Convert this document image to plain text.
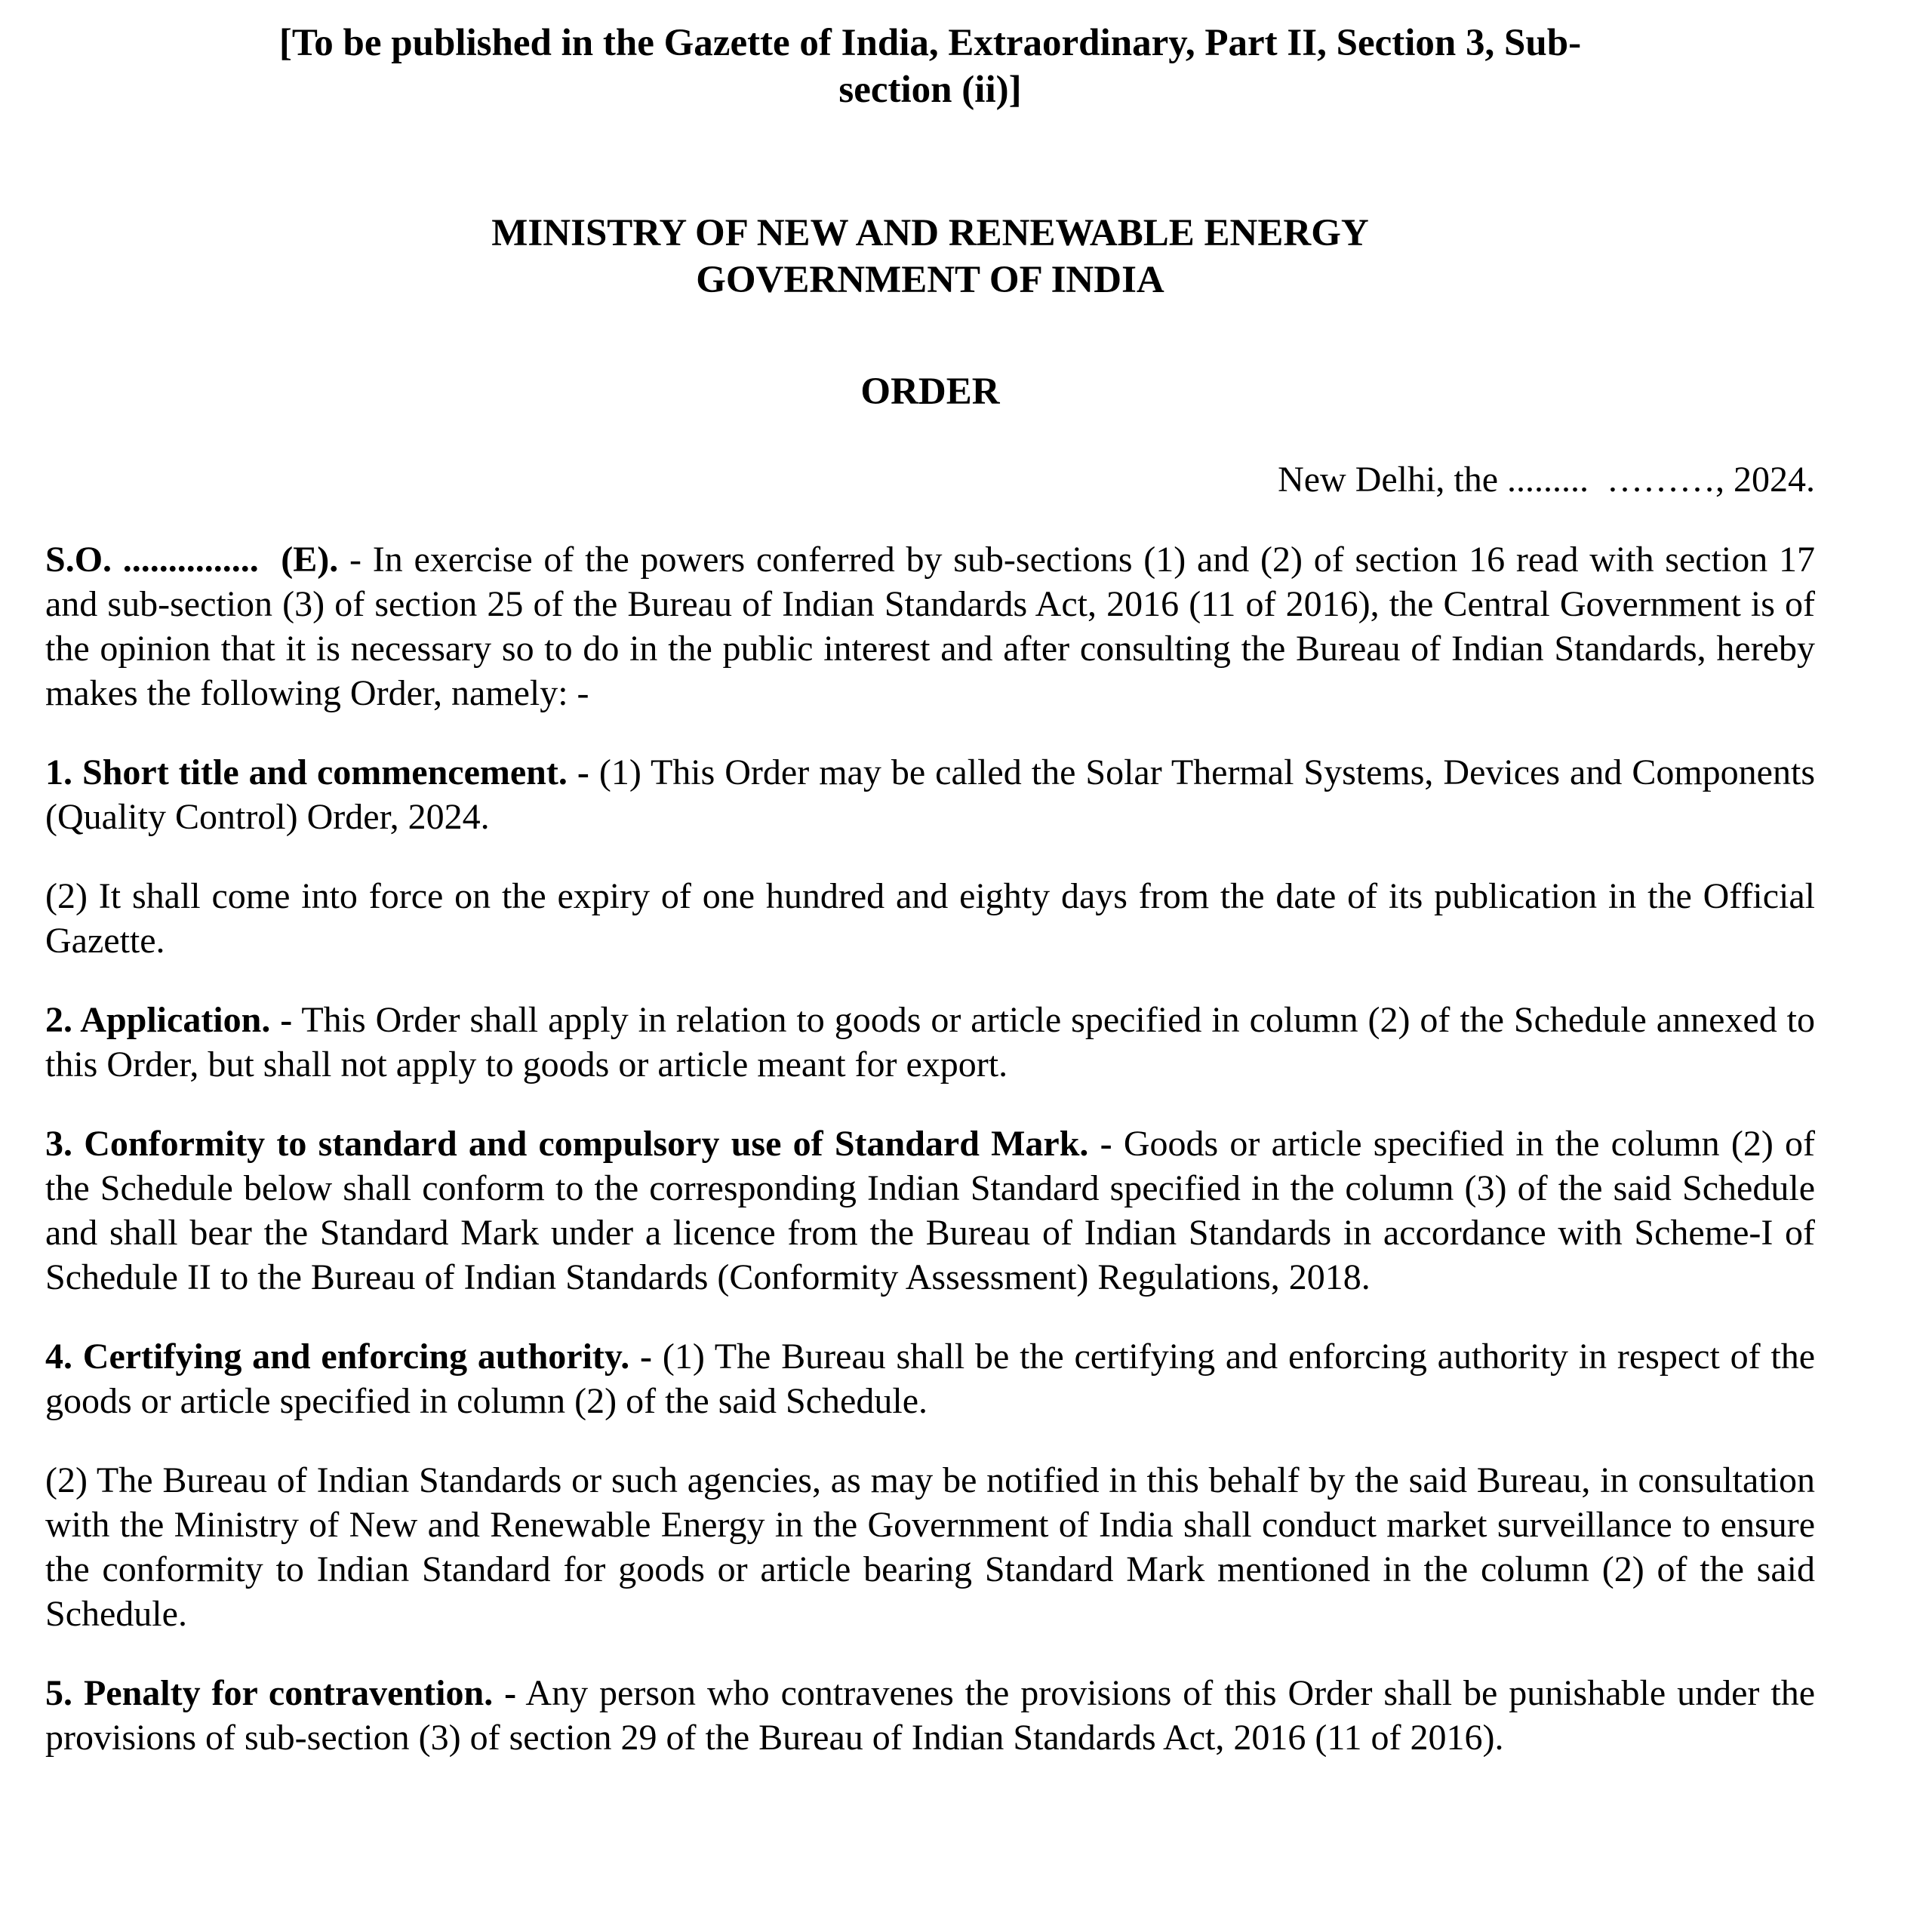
[To be published in the Gazette of India, Extraordinary, Part II, Section 3, Sub-

section (ii)]

MINISTRY OF NEW AND RENEWABLE ENERGY

GOVERNMENT OF INDIA

ORDER
New Delhi, the .........  ………, 2024.

S.O. ...............  (E). - In exercise of the powers conferred by sub-sections (1) and (2) of section 16 read with section 17 and sub-section (3) of section 25 of the Bureau of Indian Standards Act, 2016 (11 of 2016), the Central Government is of the opinion that it is necessary so to do in the public interest and after consulting the Bureau of Indian Standards, hereby makes the following Order, namely: -

1. Short title and commencement. - (1) This Order may be called the Solar Thermal Systems, Devices and Components (Quality Control) Order, 2024.

(2) It shall come into force on the expiry of one hundred and eighty days from the date of its publication in the Official Gazette.

2. Application. - This Order shall apply in relation to goods or article specified in column (2) of the Schedule annexed to this Order, but shall not apply to goods or article meant for export.

3. Conformity to standard and compulsory use of Standard Mark. - Goods or article specified in the column (2) of the Schedule below shall conform to the corresponding Indian Standard specified in the column (3) of the said Schedule and shall bear the Standard Mark under a licence from the Bureau of Indian Standards in accordance with Scheme-I of Schedule II to the Bureau of Indian Standards (Conformity Assessment) Regulations, 2018.

4. Certifying and enforcing authority. - (1) The Bureau shall be the certifying and enforcing authority in respect of the goods or article specified in column (2) of the said Schedule.

(2) The Bureau of Indian Standards or such agencies, as may be notified in this behalf by the said Bureau, in consultation with the Ministry of New and Renewable Energy in the Government of India shall conduct market surveillance to ensure the conformity to Indian Standard for goods or article bearing Standard Mark mentioned in the column (2) of the said Schedule.

5. Penalty for contravention. - Any person who contravenes the provisions of this Order shall be punishable under the provisions of sub-section (3) of section 29 of the Bureau of Indian Standards Act, 2016 (11 of 2016).
